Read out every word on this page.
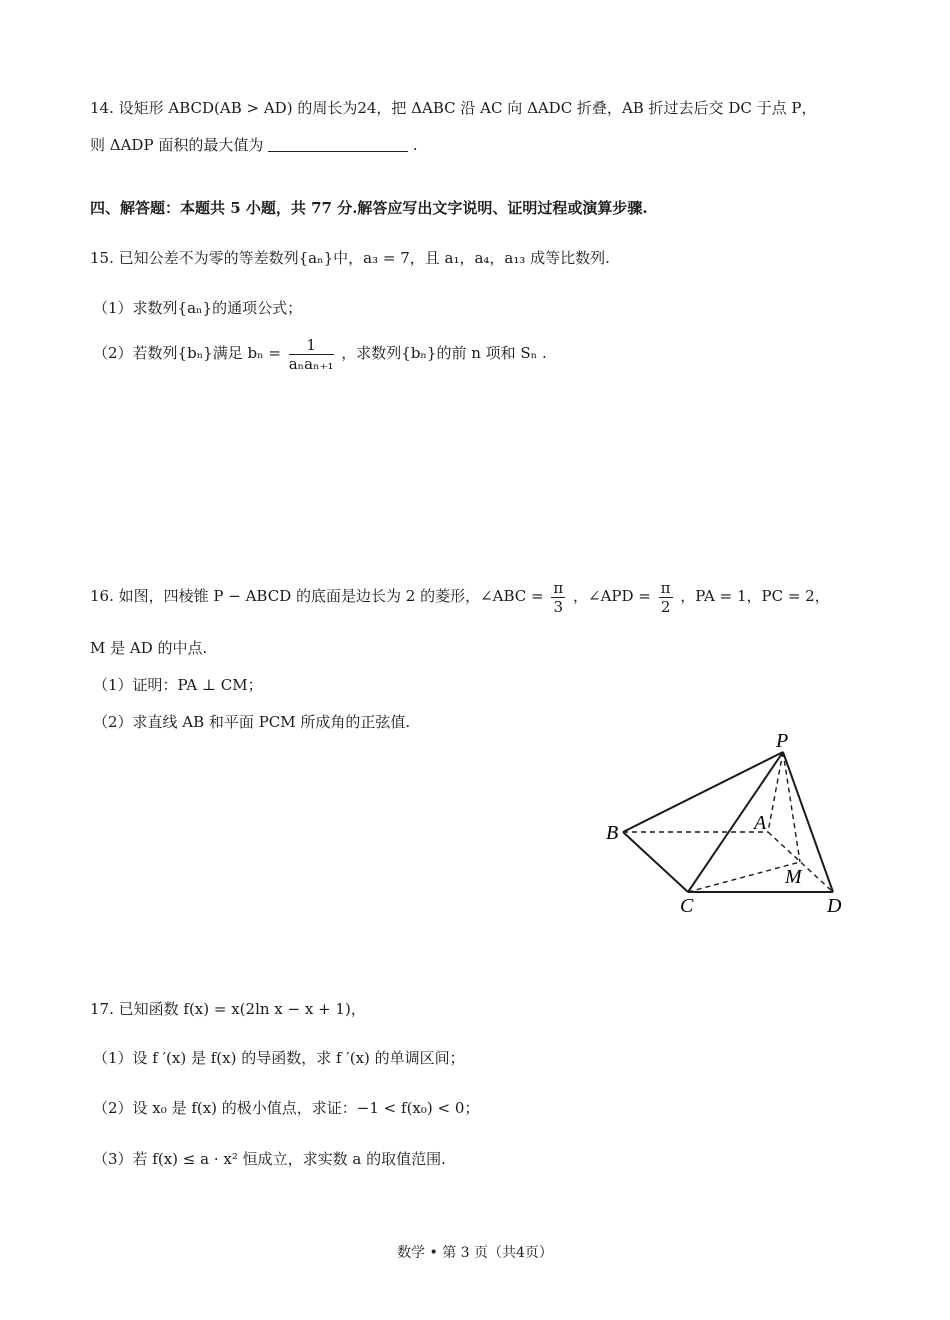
14. 设矩形 ABCD(AB > AD) 的周长为24，把 ΔABC 沿 AC 向 ΔADC 折叠，AB 折过去后交 DC 于点 P，
则 ΔADP 面积的最大值为	.
四、解答题：本题共 5 小题，共 77 分.解答应写出文字说明、证明过程或演算步骤.
15. 已知公差不为零的等差数列{aₙ}中，a₃ = 7，且 a₁，a₄，a₁₃ 成等比数列.
（1）求数列{aₙ}的通项公式；
（2）若数列{bₙ}满足 $b_n = \frac{1}{\text{aₙaₙ₊₁}}$ ，求数列{bₙ}的前 n 项和 Sₙ .
16. 如图，四棱锥 P − ABCD 的底面是边长为 2 的菱形，∠ABC = $\frac{\pi}{3}$ ，∠APD = $\frac{\pi}{2}$ ，PA = 1，PC = 2，
M 是 AD 的中点.
（1）证明：PA ⊥ CM；
（2）求直线 AB 和平面 PCM 所成角的正弦值.
P
A
B
C	D
M
17. 已知函数 f(x) = x(2ln x − x + 1)，
（1）设 f ′(x) 是 f(x) 的导函数，求 f ′(x) 的单调区间；
（2）设 x₀ 是 f(x) 的极小值点，求证：−1 < f(x₀) < 0；
（3）若 f(x) ≤ a · x² 恒成立，求实数 a 的取值范围.
数学 • 第 3 页（共4页）
